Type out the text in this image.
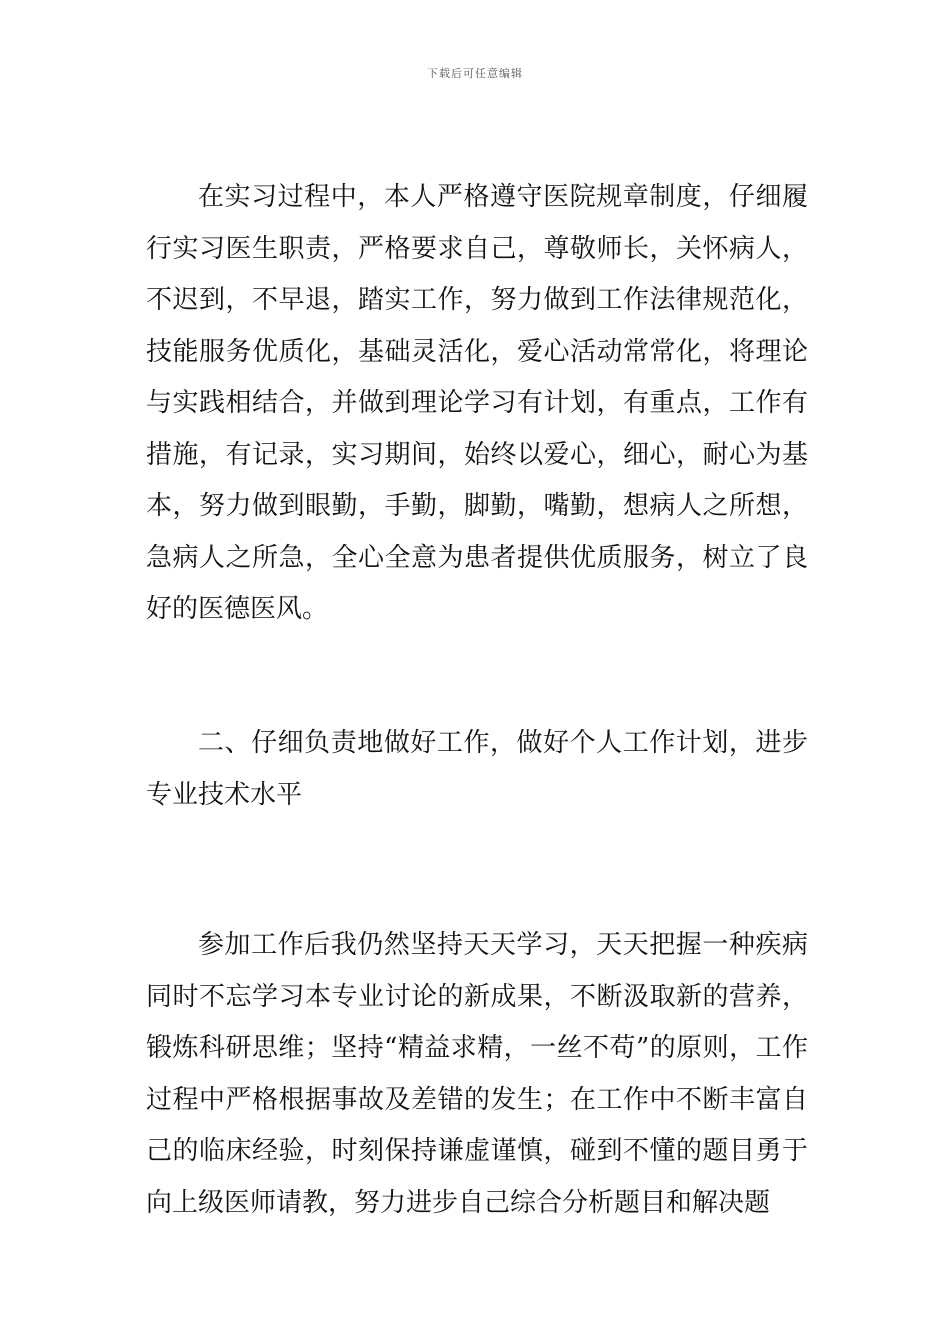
下载后可任意编辑

在实习过程中，本人严格遵守医院规章制度，仔细履行实习医生职责，严格要求自己，尊敬师长，关怀病人，不迟到，不早退，踏实工作，努力做到工作法律规范化，技能服务优质化，基础灵活化，爱心活动常常化，将理论与实践相结合，并做到理论学习有计划，有重点，工作有措施，有记录，实习期间，始终以爱心，细心，耐心为基本，努力做到眼勤，手勤，脚勤，嘴勤，想病人之所想，急病人之所急，全心全意为患者提供优质服务，树立了良好的医德医风。

二、仔细负责地做好工作，做好个人工作计划，进步专业技术水平

参加工作后我仍然坚持天天学习，天天把握一种疾病同时不忘学习本专业讨论的新成果，不断汲取新的营养，锻炼科研思维；坚持“精益求精，一丝不苟”的原则，工作过程中严格根据事故及差错的发生；在工作中不断丰富自己的临床经验，时刻保持谦虚谨慎，碰到不懂的题目勇于向上级医师请教，努力进步自己综合分析题目和解决题
